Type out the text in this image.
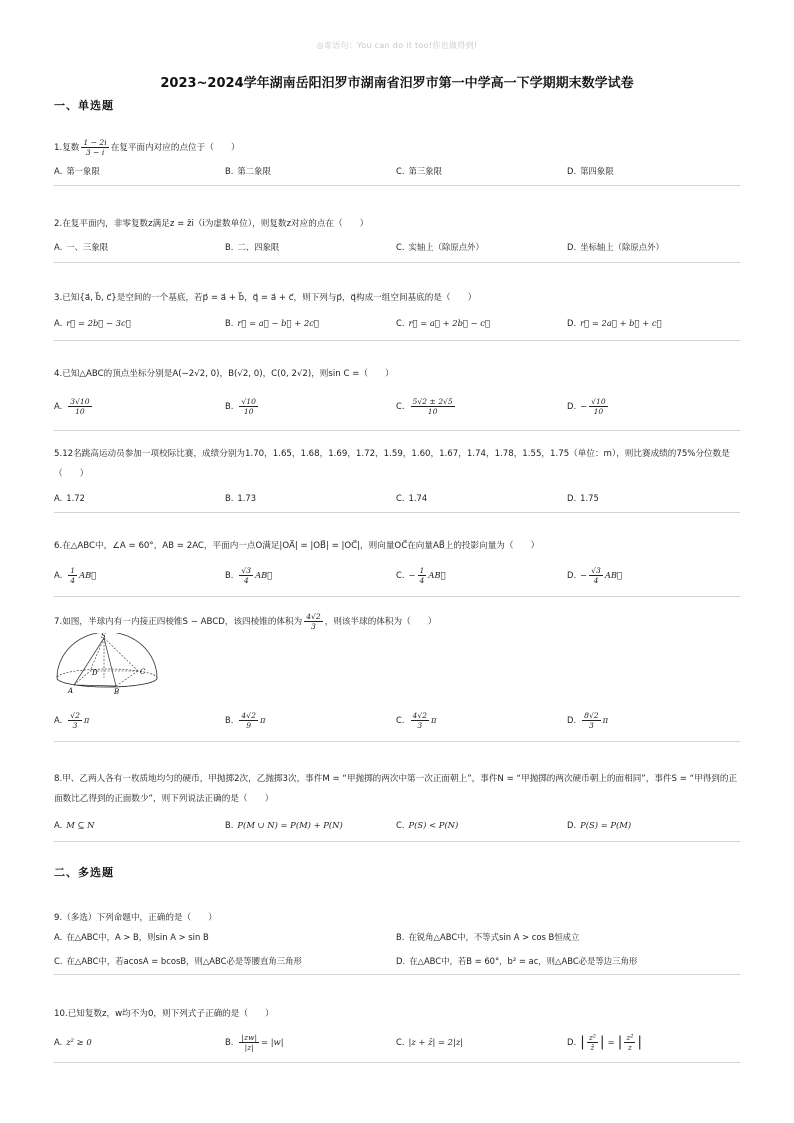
◎寄语句：You can do it too!你也做得到!
2023~2024学年湖南岳阳汨罗市湖南省汨罗市第一中学高一下学期期末数学试卷
一、单选题
1.复数 $\frac{1 - 2i}{3 - i}$ 在复平面内对应的点位于（　　）
A. 第一象限	B. 第二象限	C. 第三象限	D. 第四象限
2.在复平面内，非零复数z满足z = z̄i（i为虚数单位），则复数z对应的点在（　　）
A. 一、三象限	B. 二、四象限	C. 实轴上（除原点外）	D. 坐标轴上（除原点外）
3.已知{a⃗, b⃗, c⃗}是空间的一个基底，若p⃗ = a⃗ + b⃗，q⃗ = a⃗ + c⃗，则下列与p⃗，q⃗构成一组空间基底的是（　　）
A. r⃗ = 2b⃗ − 3c⃗	B. r⃗ = a⃗ − b⃗ + 2c⃗	C. r⃗ = a⃗ + 2b⃗ − c⃗	D. r⃗ = 2a⃗ + b⃗ + c⃗
4.已知△ABC的顶点坐标分别是A(−2√2, 0)，B(√2, 0)，C(0, 2√2)，则sin C =（　　）
A. $\frac{3√10}{10}$	B. $\frac{√10}{10}$	C. $\frac{5√2 \pm 2√5}{10}$	D. − $\frac{√10}{10}$
5.12名跳高运动员参加一项校际比赛，成绩分别为1.70，1.65，1.68，1.69，1.72，1.59，1.60，1.67，1.74，1.78，1.55，1.75（单位：m），则比赛成绩的75%分位数是（　　）
A. 1.72	B. 1.73	C. 1.74	D. 1.75
6.在△ABC中，∠A = 60°，AB = 2AC，平面内一点O满足|OA⃗| = |OB⃗| = |OC⃗|，则向量OC⃗在向量AB⃗上的投影向量为（　　）
A. $\frac{1}{4}$ AB⃗	B. $\frac{√3}{4}$ AB⃗	C. − $\frac{1}{4}$ AB⃗	D. − $\frac{√3}{4}$ AB⃗
7.如图，半球内有一内接正四棱锥S − ABCD，该四棱锥的体积为 $\frac{4√2}{3}$ ，则该半球的体积为（　　）
S
D	C
A	B
A. $\frac{√2}{3}$ π	B. $\frac{4√2}{9}$ π	C. $\frac{4√2}{3}$ π	D. $\frac{8√2}{3}$ π
8.甲、乙两人各有一枚质地均匀的硬币，甲抛掷2次，乙抛掷3次，事件M = “甲抛掷的两次中第一次正面朝上”，事件N = “甲抛掷的两次硬币朝上的面相同”，事件S = “甲得到的正面数比乙得到的正面数少”，则下列说法正确的是（　　）
A. M ⊆ N	B. P(M ∪ N) = P(M) + P(N)	C. P(S) < P(N)	D. P(S) = P(M)
二、多选题
9.（多选）下列命题中，正确的是（　　）
A. 在△ABC中，A > B，则sin A > sin B	B. 在锐角△ABC中，不等式sin A > cos B恒成立
C. 在△ABC中，若acosA = bcosB，则△ABC必是等腰直角三角形	D. 在△ABC中，若B = 60°，b² = ac，则△ABC必是等边三角形
10.已知复数z，w均不为0，则下列式子正确的是（　　）
A. z² ≥ 0	B. $\frac{|zw|}{|z|} = |w|$	C. |z + z̄| = 2|z|	D. | $\frac{\text{z²}}{z̄}$ | = | $\frac{\text{z²}}{z}$ |
